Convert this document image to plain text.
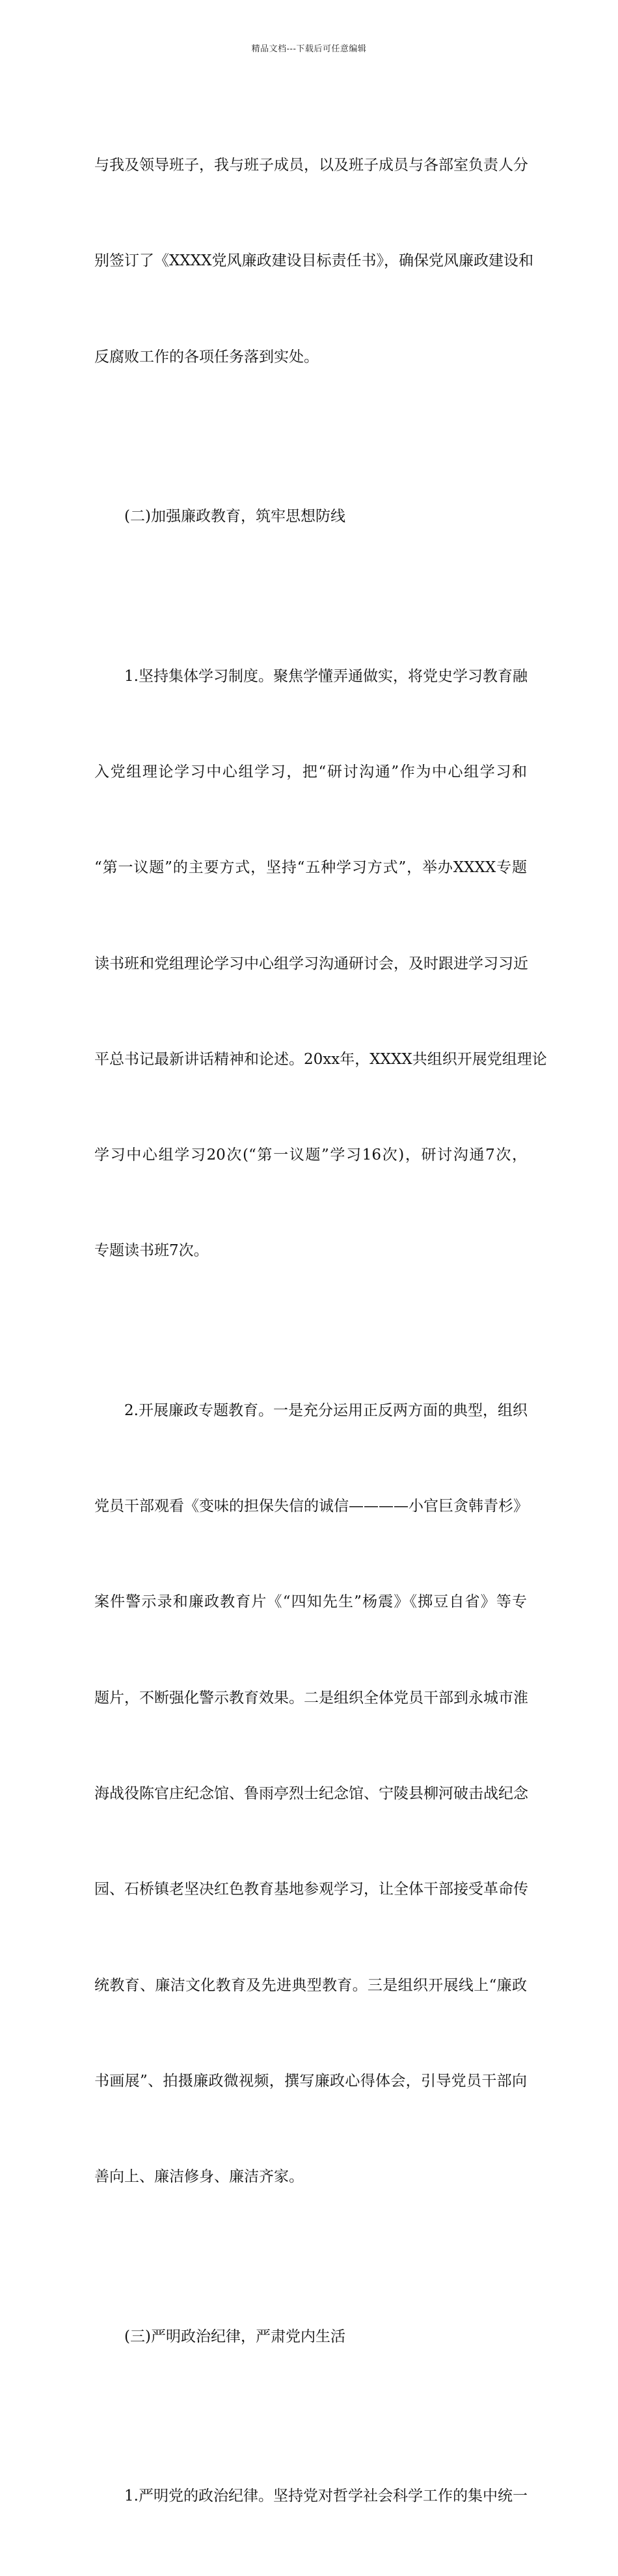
精品文档---下载后可任意编辑

与我及领导班子，我与班子成员，以及班子成员与各部室负责人分

别签订了《XXXX党风廉政建设目标责任书》，确保党风廉政建设和

反腐败工作的各项任务落到实处。

(二)加强廉政教育，筑牢思想防线

1.坚持集体学习制度。聚焦学懂弄通做实，将党史学习教育融

入党组理论学习中心组学习，把“研讨沟通”作为中心组学习和

“第一议题”的主要方式，坚持“五种学习方式”，举办XXXX专题

读书班和党组理论学习中心组学习沟通研讨会，及时跟进学习习近

平总书记最新讲话精神和论述。20xx年，XXXX共组织开展党组理论

学习中心组学习20次(“第一议题”学习16次)，研讨沟通7次，

专题读书班7次。

2.开展廉政专题教育。一是充分运用正反两方面的典型，组织

党员干部观看《变味的担保失信的诚信————小官巨贪韩青杉》

案件警示录和廉政教育片《“四知先生”杨震》《掷豆自省》等专

题片，不断强化警示教育效果。二是组织全体党员干部到永城市淮

海战役陈官庄纪念馆、鲁雨亭烈士纪念馆、宁陵县柳河破击战纪念

园、石桥镇老坚决红色教育基地参观学习，让全体干部接受革命传

统教育、廉洁文化教育及先进典型教育。三是组织开展线上“廉政

书画展”、拍摄廉政微视频，撰写廉政心得体会，引导党员干部向

善向上、廉洁修身、廉洁齐家。

(三)严明政治纪律，严肃党内生活

1.严明党的政治纪律。坚持党对哲学社会科学工作的集中统一
